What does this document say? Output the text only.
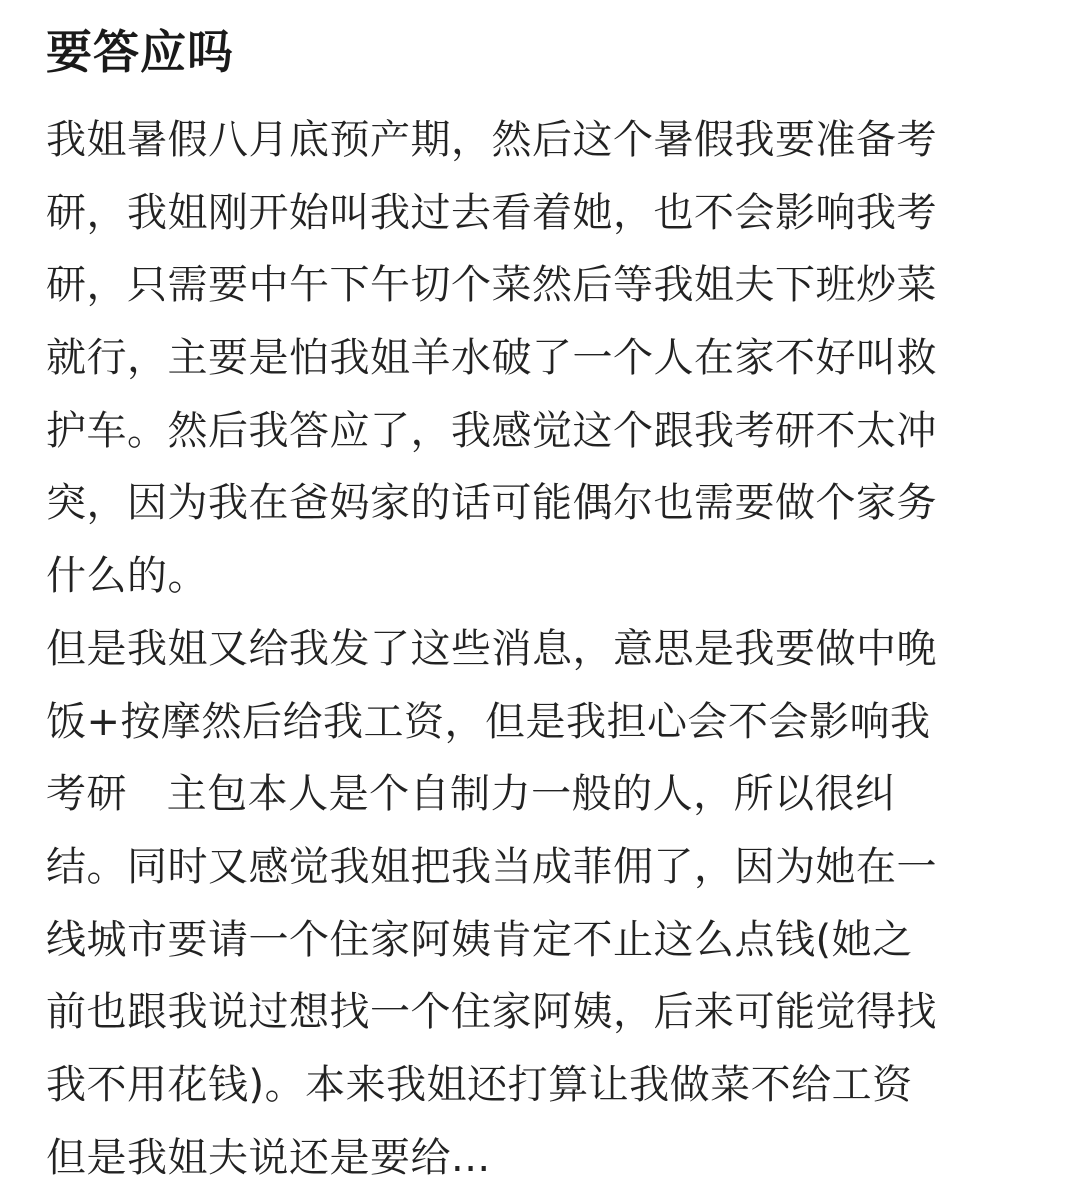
要答应吗
我姐暑假八月底预产期，然后这个暑假我要准备考
研，我姐刚开始叫我过去看着她，也不会影响我考
研，只需要中午下午切个菜然后等我姐夫下班炒菜
就行，主要是怕我姐羊水破了一个人在家不好叫救
护车。然后我答应了，我感觉这个跟我考研不太冲
突，因为我在爸妈家的话可能偶尔也需要做个家务
什么的。
但是我姐又给我发了这些消息，意思是我要做中晚
饭+按摩然后给我工资，但是我担心会不会影响我
考研   主包本人是个自制力一般的人，所以很纠
结。同时又感觉我姐把我当成菲佣了，因为她在一
线城市要请一个住家阿姨肯定不止这么点钱(她之
前也跟我说过想找一个住家阿姨，后来可能觉得找
我不用花钱)。本来我姐还打算让我做菜不给工资
但是我姐夫说还是要给...
